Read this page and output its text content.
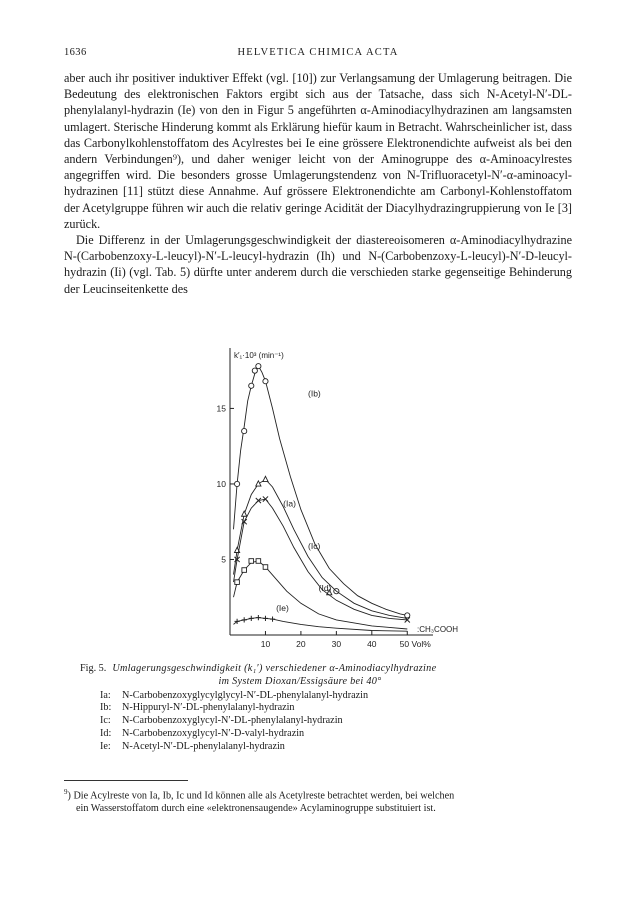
1636	HELVETICA CHIMICA ACTA

aber auch ihr positiver induktiver Effekt (vgl. [10]) zur Verlangsamung der Umlagerung beitragen. Die Bedeutung des elektronischen Faktors ergibt sich aus der Tatsache, dass sich N-Acetyl-N′-DL-phenylalanyl-hydrazin (Ie) von den in Figur 5 angeführten α-Aminodiacylhydrazinen am langsamsten umlagert. Sterische Hinderung kommt als Erklärung hiefür kaum in Betracht. Wahrscheinlicher ist, dass das Carbonylkohlenstoffatom des Acylrestes bei Ie eine grössere Elektronendichte aufweist als bei den andern Verbindungen⁹), und daher weniger leicht von der Aminogruppe des α-Aminoacylrestes angegriffen wird. Die besonders grosse Umlagerungstendenz von N-Trifluoracetyl-N′-α-aminoacyl-hydrazinen [11] stützt diese Annahme. Auf grössere Elektronendichte am Carbonyl-Kohlenstoffatom der Acetylgruppe führen wir auch die relativ geringe Acidität der Diacylhydrazingruppierung von Ie [3] zurück.

Die Differenz in der Umlagerungsgeschwindigkeit der diastereoisomeren α-Aminodiacylhydrazine N-(Carbobenzoxy-L-leucyl)-N′-L-leucyl-hydrazin (Ih) und N-(Carbobenzoxy-L-leucyl)-N′-D-leucyl-hydrazin (Ii) (vgl. Tab. 5) dürfte unter anderem durch die verschieden starke gegenseitige Behinderung der Leucinseitenkette des

10	20	30	40	50 Vol%
5
10
15
k′₁·10³ (min⁻¹)
:CH₃COOH
(Ib)
(Ia)
(Ic)
(Id)
(Ie)
Fig. 5. Umlagerungsgeschwindigkeit (k₁′) verschiedener α-Aminodiacylhydrazine
im System Dioxan/Essigsäure bei 40°
Ia: N-Carbobenzoxyglycylglycyl-N′-DL-phenylalanyl-hydrazin
Ib: N-Hippuryl-N′-DL-phenylalanyl-hydrazin
Ic: N-Carbobenzoxyglycyl-N′-DL-phenylalanyl-hydrazin
Id: N-Carbobenzoxyglycyl-N′-D-valyl-hydrazin
Ie: N-Acetyl-N′-DL-phenylalanyl-hydrazin
$^9$) Die Acylreste von Ia, Ib, Ic und Id können alle als Acetylreste betrachtet werden, bei welchen
ein Wasserstoffatom durch eine «elektronensaugende» Acylaminogruppe substituiert ist.
